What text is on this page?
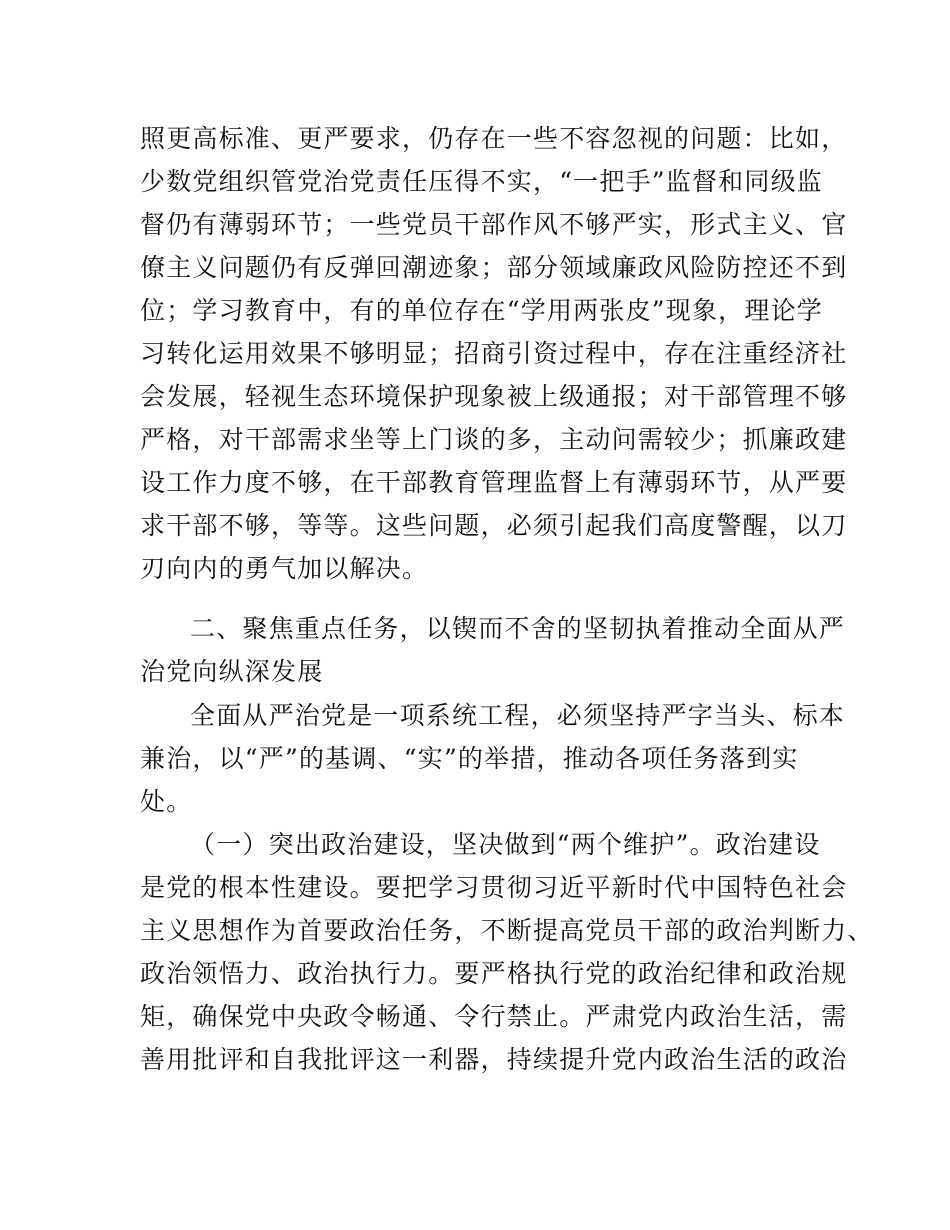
照更高标准、更严要求，仍存在一些不容忽视的问题：比如，
少数党组织管党治党责任压得不实，“一把手”监督和同级监
督仍有薄弱环节；一些党员干部作风不够严实，形式主义、官
僚主义问题仍有反弹回潮迹象；部分领域廉政风险防控还不到
位；学习教育中，有的单位存在“学用两张皮”现象，理论学
习转化运用效果不够明显；招商引资过程中，存在注重经济社
会发展，轻视生态环境保护现象被上级通报；对干部管理不够
严格，对干部需求坐等上门谈的多，主动问需较少；抓廉政建
设工作力度不够，在干部教育管理监督上有薄弱环节，从严要
求干部不够，等等。这些问题，必须引起我们高度警醒，以刀
刃向内的勇气加以解决。
二、聚焦重点任务，以锲而不舍的坚韧执着推动全面从严
治党向纵深发展
全面从严治党是一项系统工程，必须坚持严字当头、标本
兼治，以“严”的基调、“实”的举措，推动各项任务落到实
处。
（一）突出政治建设，坚决做到“两个维护”。政治建设
是党的根本性建设。要把学习贯彻习近平新时代中国特色社会
主义思想作为首要政治任务，不断提高党员干部的政治判断力、
政治领悟力、政治执行力。要严格执行党的政治纪律和政治规
矩，确保党中央政令畅通、令行禁止。严肃党内政治生活，需
善用批评和自我批评这一利器，持续提升党内政治生活的政治
